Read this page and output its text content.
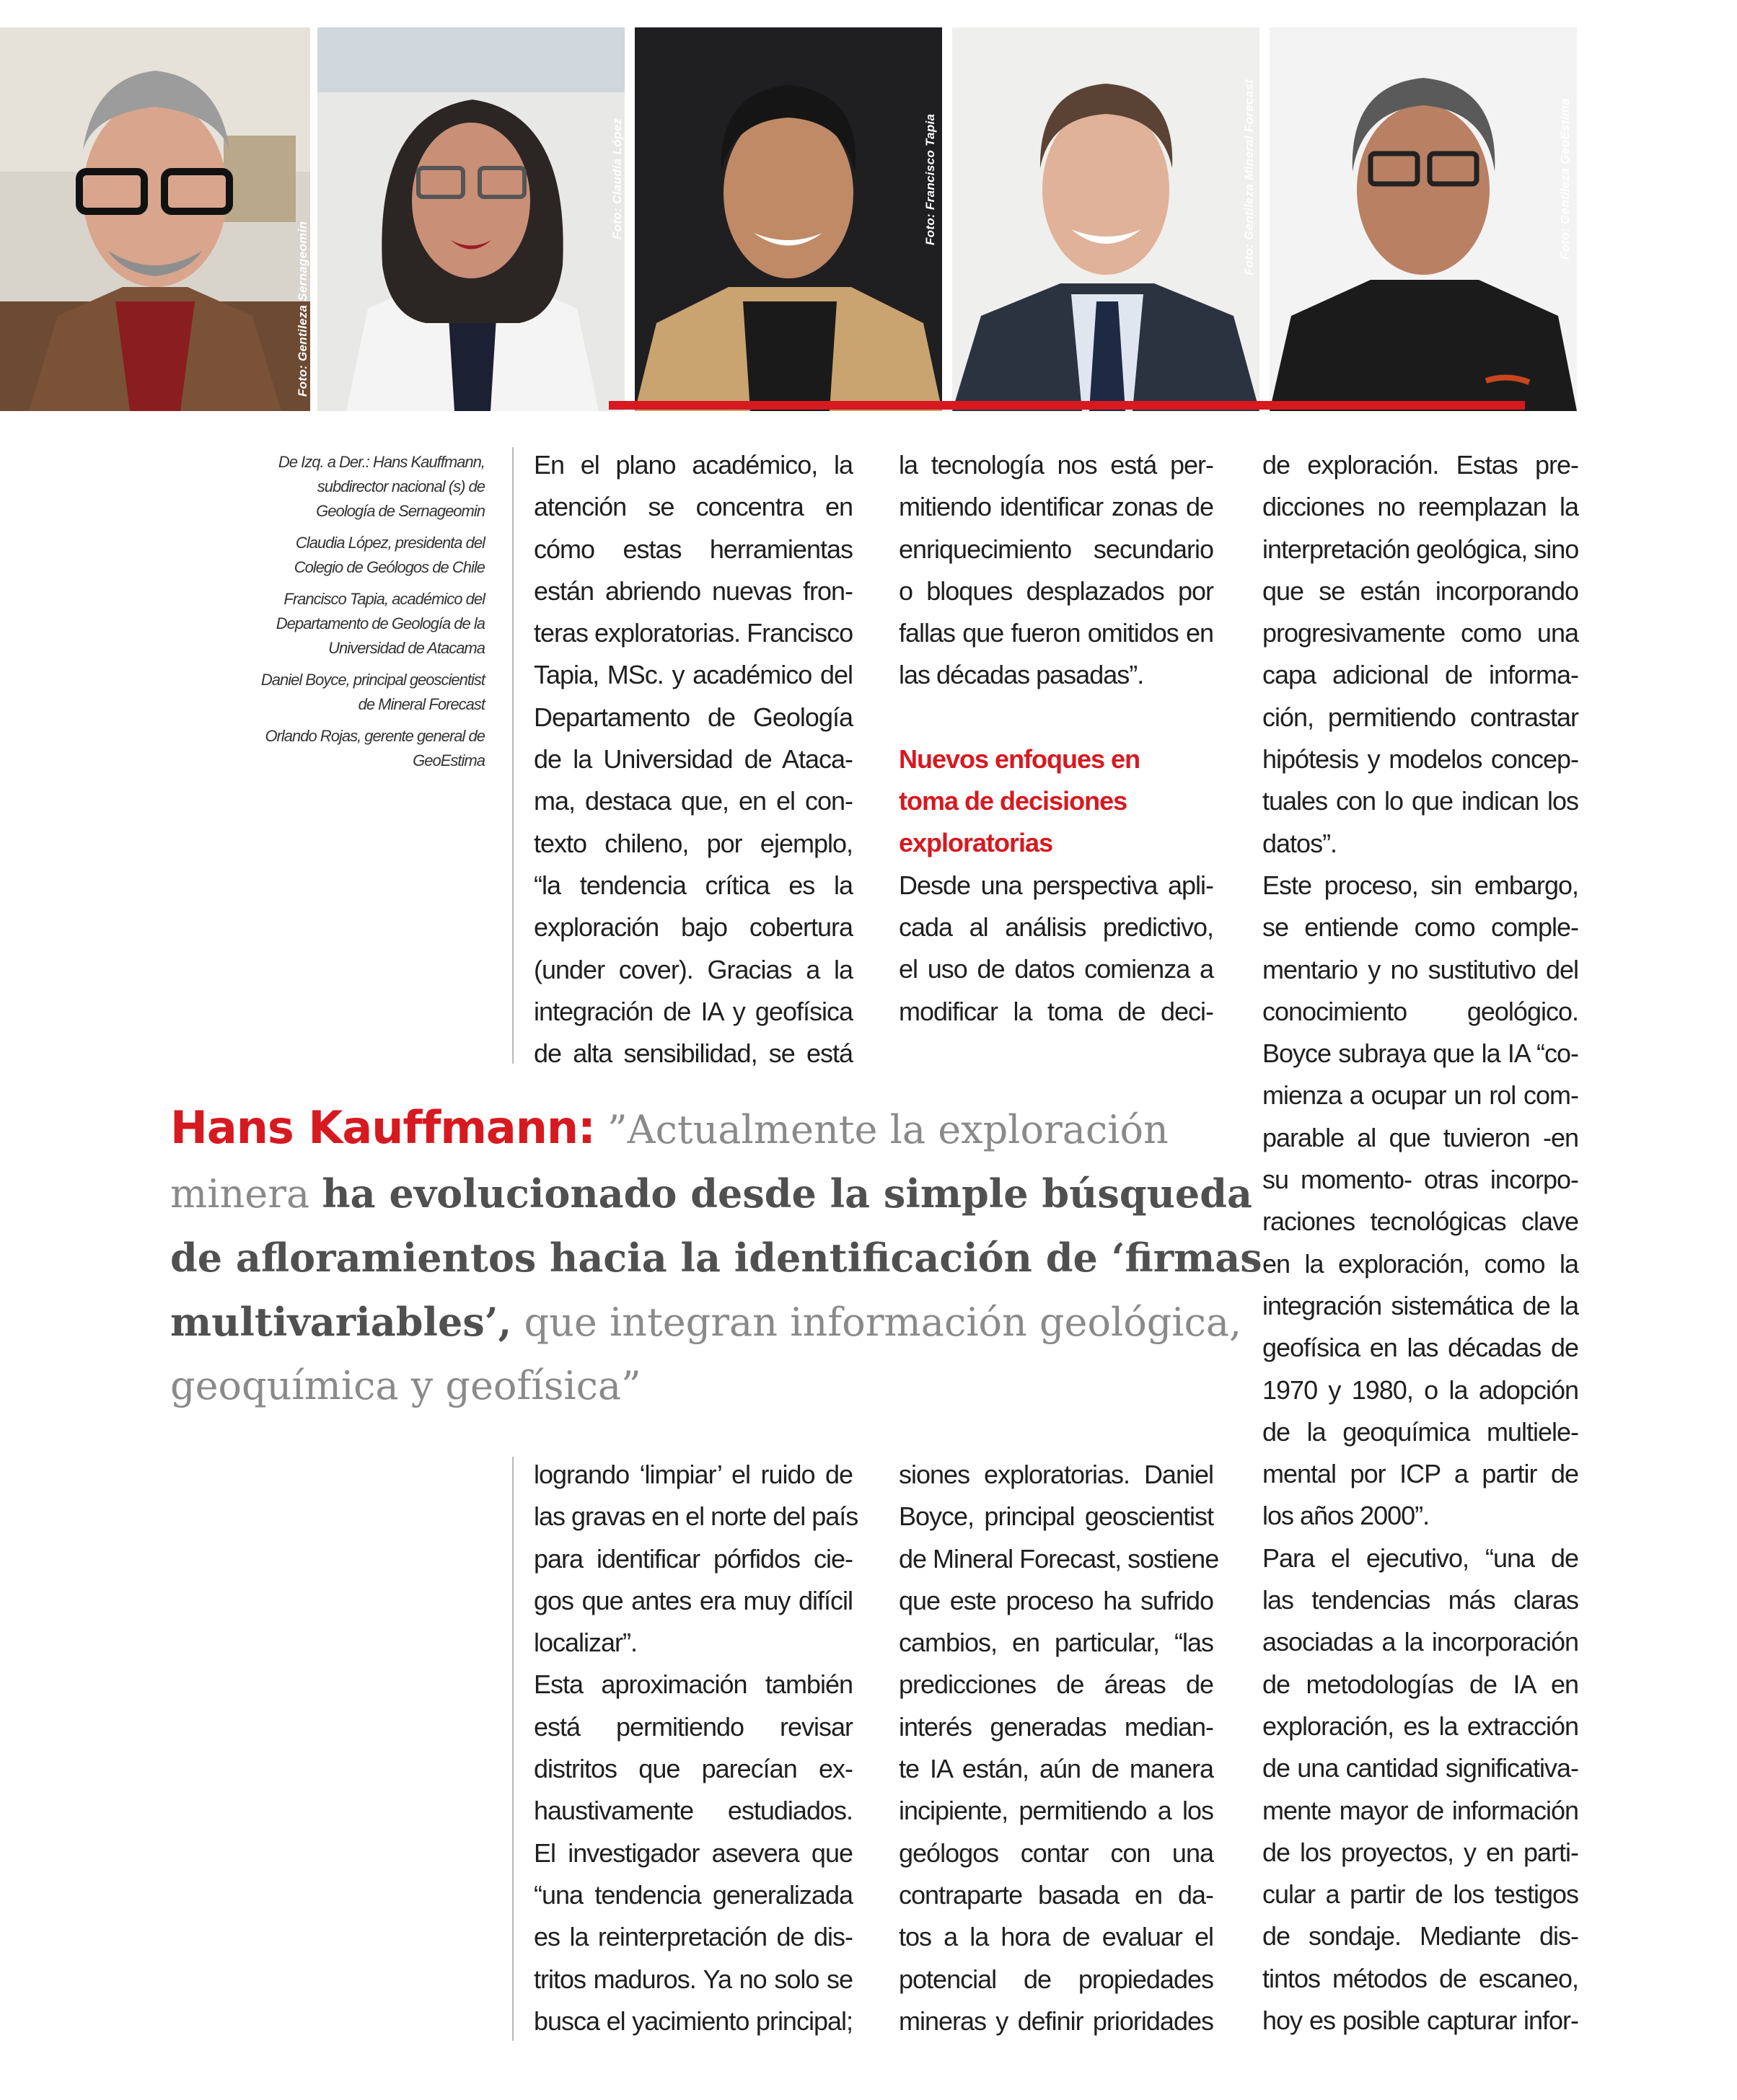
Foto: Gentileza Sernageomin
Foto: Francisco Tapia	Foto: Gentileza Mineral Forecast	Foto: Gentileza GeoEstima

De Izq. a Der.: Hans Kauffmann, subdirector nacional (s) de Geología de Sernageomin

Claudia López, presidenta del Colegio de Geólogos de Chile

Francisco Tapia, académico del Departamento de Geología de la Universidad de Atacama

Daniel Boyce, principal geoscientist de Mineral Forecast

Orlando Rojas, gerente general de GeoEstima

En el plano académico, la
atención se concentra en
cómo estas herramientas
están abriendo nuevas fron-
teras exploratorias. Francisco
Tapia, MSc. y académico del
Departamento de Geología
de la Universidad de Ataca-
ma, destaca que, en el con-
texto chileno, por ejemplo,
“la tendencia crítica es la
exploración bajo cobertura
(under cover). Gracias a la
integración de IA y geofísica
de alta sensibilidad, se está
logrando ‘limpiar’ el ruido de
las gravas en el norte del país
para identificar pórfidos cie-
gos que antes era muy difícil
localizar”.
Esta aproximación también
está permitiendo revisar
distritos que parecían ex-
haustivamente estudiados.
El investigador asevera que
“una tendencia generalizada
es la reinterpretación de dis-
tritos maduros. Ya no solo se
busca el yacimiento principal;
la tecnología nos está per-
mitiendo identificar zonas de
enriquecimiento secundario
o bloques desplazados por
fallas que fueron omitidos en
las décadas pasadas”.
Nuevos enfoques en
toma de decisiones
exploratorias
Desde una perspectiva apli-
cada al análisis predictivo,
el uso de datos comienza a
modificar la toma de deci-
siones exploratorias. Daniel
Boyce, principal geoscientist
de Mineral Forecast, sostiene
que este proceso ha sufrido
cambios, en particular, “las
predicciones de áreas de
interés generadas median-
te IA están, aún de manera
incipiente, permitiendo a los
geólogos contar con una
contraparte basada en da-
tos a la hora de evaluar el
potencial de propiedades
mineras y definir prioridades
de exploración. Estas pre-
dicciones no reemplazan la
interpretación geológica, sino
que se están incorporando
progresivamente como una
capa adicional de informa-
ción, permitiendo contrastar
hipótesis y modelos concep-
tuales con lo que indican los
datos”.
Este proceso, sin embargo,
se entiende como comple-
mentario y no sustitutivo del
conocimiento geológico.
Boyce subraya que la IA “co-
mienza a ocupar un rol com-
parable al que tuvieron -en
su momento- otras incorpo-
raciones tecnológicas clave
en la exploración, como la
integración sistemática de la
geofísica en las décadas de
1970 y 1980, o la adopción
de la geoquímica multiele-
mental por ICP a partir de
los años 2000”.
Para el ejecutivo, “una de
las tendencias más claras
asociadas a la incorporación
de metodologías de IA en
exploración, es la extracción
de una cantidad significativa-
mente mayor de información
de los proyectos, y en parti-
cular a partir de los testigos
de sondaje. Mediante dis-
tintos métodos de escaneo,
hoy es posible capturar infor-
Hans Kauffmann: ”Actualmente la exploración
minera ha evolucionado desde la simple búsqueda
de afloramientos hacia la identificación de ‘firmas
multivariables’, que integran información geológica,
geoquímica y geofísica”
Foto: Claudia López
